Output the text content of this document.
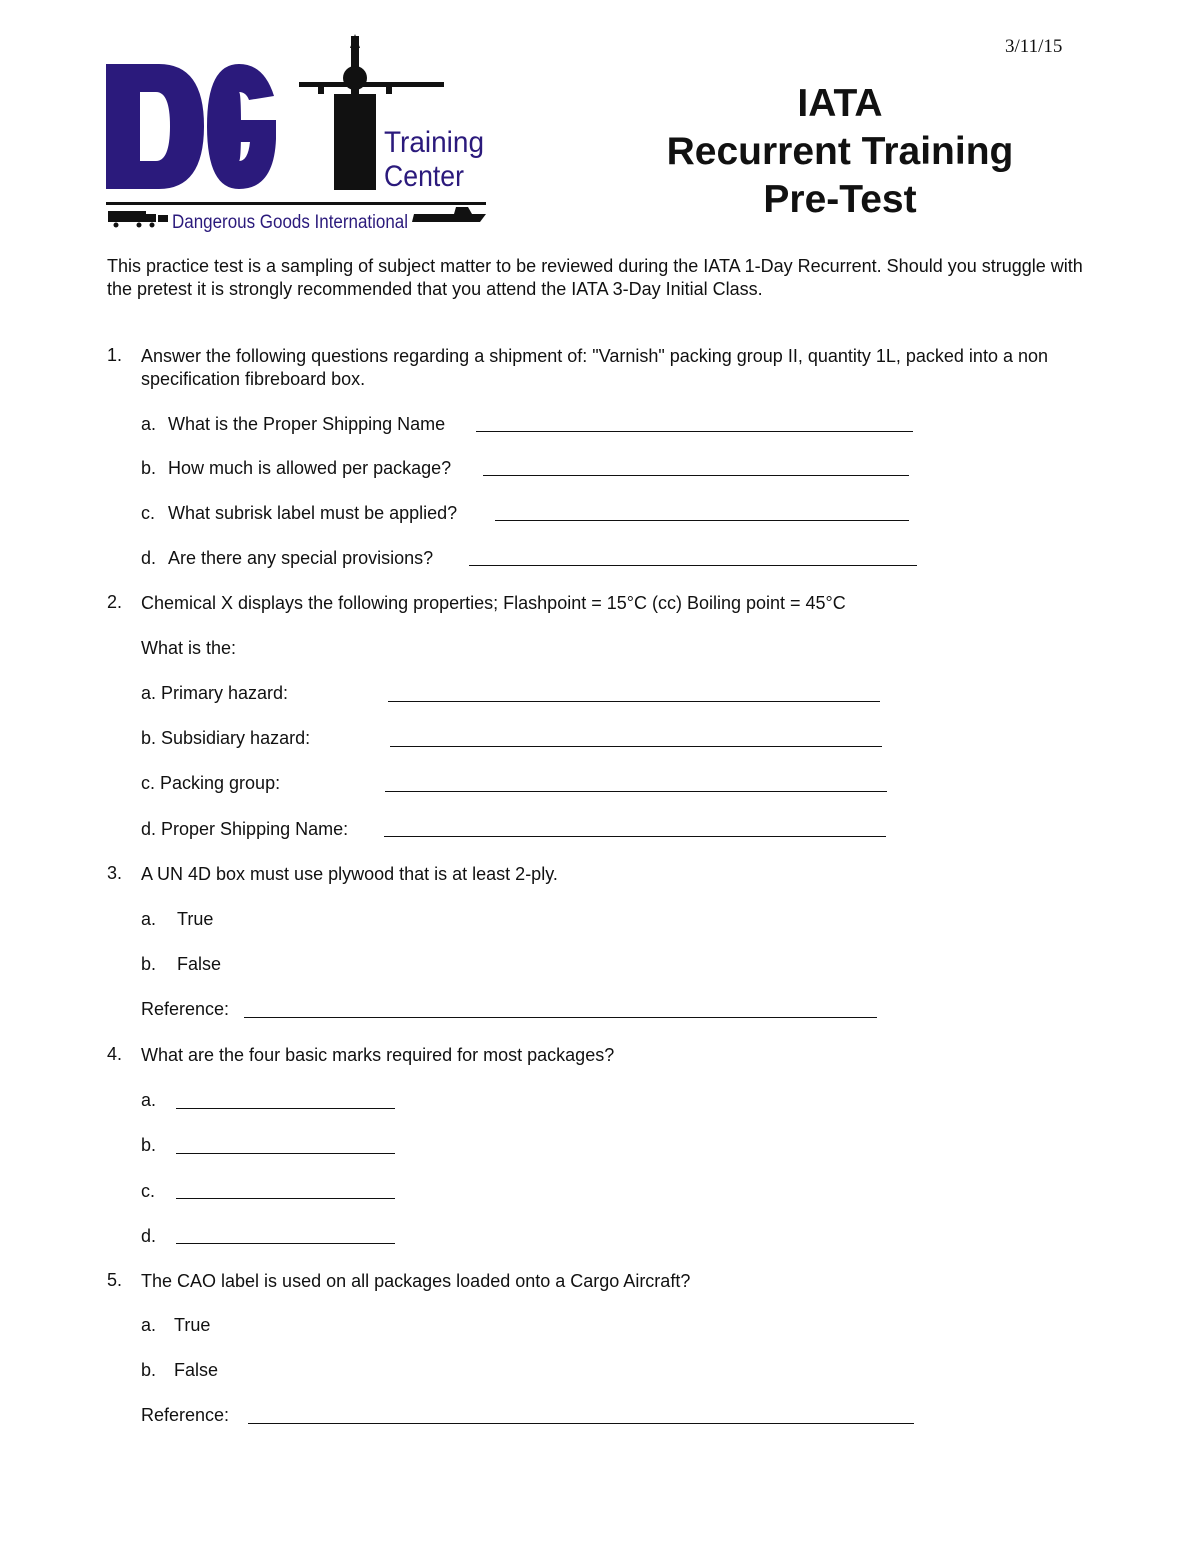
Training
Center
Dangerous Goods International
3/11/15
IATA
Recurrent Training
Pre-Test
This practice test is a sampling of subject matter to be reviewed during the IATA 1-Day Recurrent. Should you struggle with the pretest it is strongly recommended that you attend the IATA 3-Day Initial Class.
1. Answer the following questions regarding a shipment of: "Varnish" packing group II, quantity 1L, packed into a non specification fibreboard box.
a. What is the Proper Shipping Name
b. How much is allowed per package?
c. What subrisk label must be applied?
d. Are there any special provisions?
2. Chemical X displays the following properties; Flashpoint = 15°C (cc) Boiling point = 45°C
What is the:
a. Primary hazard:
b. Subsidiary hazard:
c. Packing group:
d. Proper Shipping Name:
3. A UN 4D box must use plywood that is at least 2-ply.
a. True
b. False
Reference:
4. What are the four basic marks required for most packages?
a.
b.
c.
d.
5. The CAO label is used on all packages loaded onto a Cargo Aircraft?
a. True
b. False
Reference:
